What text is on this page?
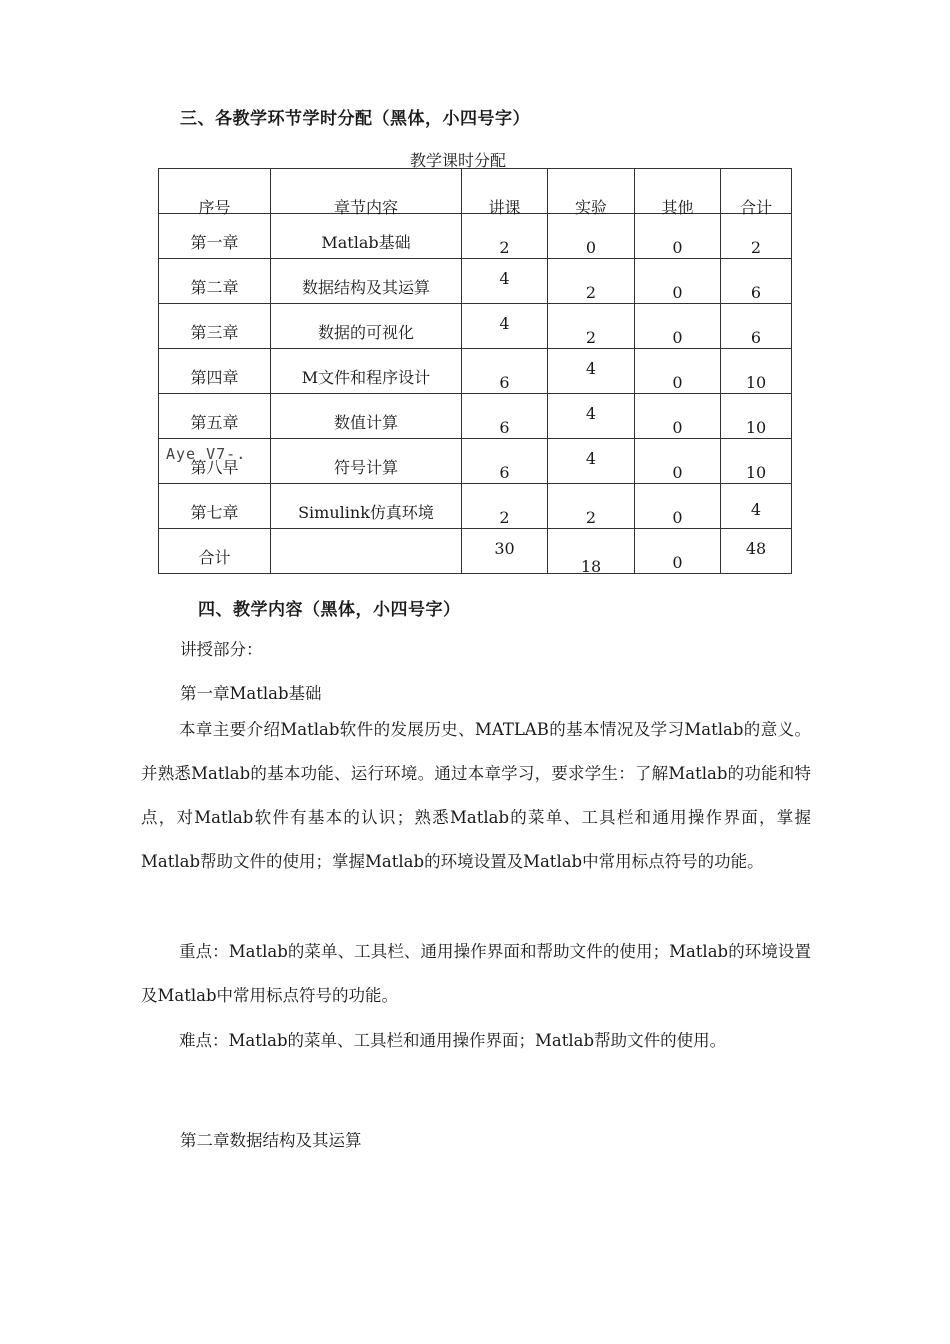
三、各教学环节学时分配（黑体，小四号字）
教学课时分配
序号	章节内容	讲课	实验	其他	合计

第一章	Matlab基础	2	0	0	2

第二章	数据结构及其运算	4	2	0	6

第三章	数据的可视化	4	2	0	6

第四章	M文件和程序设计	6	4	0	10

第五章	数值计算	6	4	0	10

第八早	符号计算	6	4	0	10

第七章	Simulink仿真环境	2	2	0	4

合计		30	18	0	48
Aye V7-.
四、教学内容（黑体，小四号字）
讲授部分：
第一章Matlab基础
本章主要介绍Matlab软件的发展历史、MATLAB的基本情况及学习Matlab的意义。并熟悉Matlab的基本功能、运行环境。通过本章学习，要求学生：了解Matlab的功能和特点，对Matlab软件有基本的认识；熟悉Matlab的菜单、工具栏和通用操作界面，掌握Matlab帮助文件的使用；掌握Matlab的环境设置及Matlab中常用标点符号的功能。
重点：Matlab的菜单、工具栏、通用操作界面和帮助文件的使用；Matlab的环境设置及Matlab中常用标点符号的功能。
难点：Matlab的菜单、工具栏和通用操作界面；Matlab帮助文件的使用。
第二章数据结构及其运算
